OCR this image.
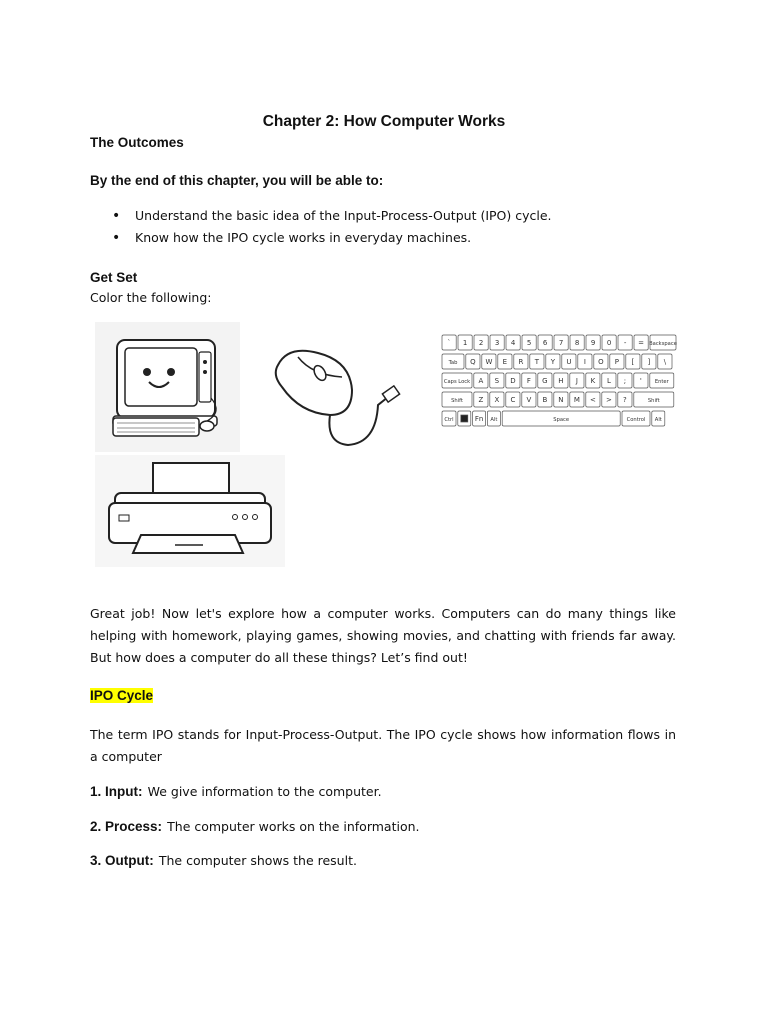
Chapter 2: How Computer Works
The Outcomes
By the end of this chapter, you will be able to:
• Understand the basic idea of the Input-Process-Output (IPO) cycle.
• Know how the IPO cycle works in everyday machines.
Get Set
Color the following:
` 1 2 3 4 5 6 7 8 9 0 - = Backspace
Tab Q W E R T Y U I O P [ ] \
Caps Lock A S D F G H J K L ; ' Enter
Shift Z X C V B N M < > ?	Shift
Ctrl	Fn Alt	Space	Control Alt
Great job! Now let's explore how a computer works. Computers can do many things like helping with homework, playing games, showing movies, and chatting with friends far away. But how does a computer do all these things? Let’s find out!
IPO Cycle
The term IPO stands for Input-Process-Output. The IPO cycle shows how information flows in a computer
1. Input: We give information to the computer.
2. Process: The computer works on the information.
3. Output: The computer shows the result.
